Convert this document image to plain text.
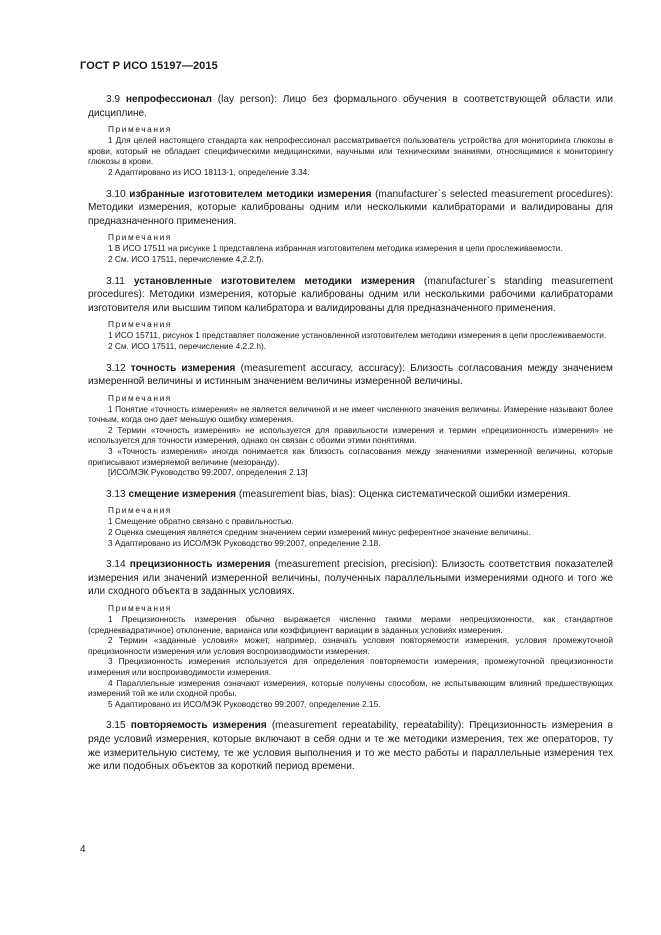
ГОСТ Р ИСО 15197—2015

3.9 непрофессионал (lay person): Лицо без формального обучения в соответствующей области или дисциплине.

Примечания

1 Для целей настоящего стандарта как непрофессионал рассматривается пользователь устройства для мониторинга глюкозы в крови, который не обладает специфическими медицинскими, научными или техническими знаниями, относящимися к мониторингу глюкозы в крови.

2 Адаптировано из ИСО 18113-1, определение 3.34.

3.10 избранные изготовителем методики измерения (manufacturer`s selected measurement procedures): Методики измерения, которые калиброваны одним или несколькими калибраторами и валидированы для предназначенного применения.

Примечания

1 В ИСО 17511 на рисунке 1 представлена избранная изготовителем методика измерения в цепи прослеживаемости.

2 См. ИСО 17511, перечисление 4,2.2.f).

3.11 установленные изготовителем методики измерения (manufacturer`s standing measurement procedures): Методики измерения, которые калиброваны одним или несколькими рабочими калибраторами изготовителя или высшим типом калибратора и валидированы для предназначенного применения.

Примечания

1 ИСО 15711, рисунок 1 представляет положение установленной изготовителем методики измерения в цепи прослеживаемости.

2 См. ИСО 17511, перечисление 4.2.2.h).

3.12 точность измерения (measurement accuracy, accuracy): Близость согласования между значением измеренной величины и истинным значением величины измеренной величины.

Примечания

1 Понятие «точность измерения» не является величиной и не имеет численного значения величины. Измерение называют более точным, когда оно дает меньшую ошибку измерения.

2 Термин «точность измерения» не используется для правильности измерения и термин «прецизионность измерения» не используется для точности измерения, однако он связан с обоими этими понятиями.

3 «Точность измерения» иногда понимается как близость согласования между значениями измеренной величины, которые приписывают измеряемой величине (мезоранду).

[ИСО/МЭК Руководство 99:2007, определения 2.13]

3.13 смещение измерения (measurement bias, bias): Оценка систематической ошибки измерения.

Примечания

1 Смещение обратно связано с правильностью.

2 Оценка смещения является средним значением серии измерений минус референтное значение величины.

3 Адаптировано из ИСО/МЭК Руководство 99:2007, определение 2.18.

3.14 прецизионность измерения (measurement precision, precision): Близость соответствия показателей измерения или значений измеренной величины, полученных параллельными измерениями одного и того же или сходного объекта в заданных условиях.

Примечания

1 Прецизионность измерения обычно выражается численно такими мерами непрецизионности, как стандартное (среднеквадратичное) отклонение, варианса или коэффициент вариации в заданных условиях измерения.

2 Термин «заданные условия» может, например, означать условия повторяемости измерения, условия промежуточной прецизионности измерения или условия воспроизводимости измерения.

3 Прецизионность измерения используется для определения повторяемости измерения, промежуточной прецизионности измерения или воспроизводимости измерения.

4 Параллельные измерения означают измерения, которые получены способом, не испытывающим влияний предшествующих измерений той же или сходной пробы.

5 Адаптировано из ИСО/МЭК Руководство 99:2007, определение 2.15.

3.15 повторяемость измерения (measurement repeatability, repeatability): Прецизионность измерения в ряде условий измерения, которые включают в себя одни и те же методики измерения, тех же операторов, ту же измерительную систему, те же условия выполнения и то же место работы и параллельные измерения тех же или подобных объектов за короткий период времени.

4
